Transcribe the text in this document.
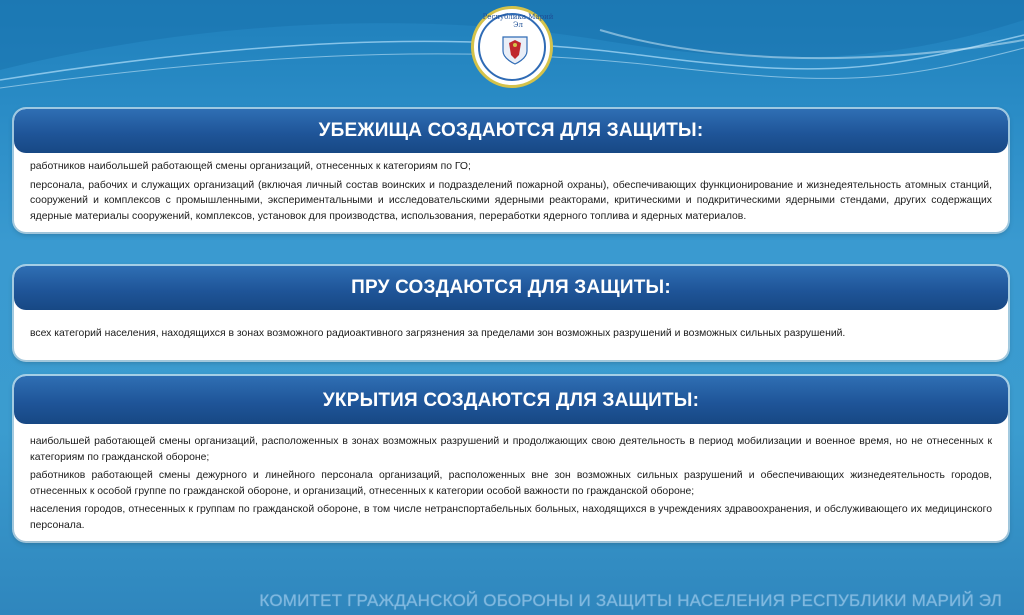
Республика Марий Эл
УБЕЖИЩА СОЗДАЮТСЯ ДЛЯ ЗАЩИТЫ:

работников наибольшей работающей смены организаций, отнесенных к категориям по ГО;

персонала, рабочих и служащих организаций (включая личный состав воинских и подразделений пожарной охраны), обеспечивающих функционирование и жизнедеятельность атомных станций, сооружений и комплексов с промышленными, экспериментальными и исследовательскими ядерными реакторами, критическими и подкритическими ядерными стендами, других содержащих ядерные материалы сооружений, комплексов, установок для производства, использования, переработки ядерного топлива и ядерных материалов.

ПРУ СОЗДАЮТСЯ ДЛЯ ЗАЩИТЫ:

всех категорий населения, находящихся в зонах возможного радиоактивного загрязнения за пределами зон возможных разрушений и возможных сильных разрушений.

УКРЫТИЯ СОЗДАЮТСЯ ДЛЯ ЗАЩИТЫ:

наибольшей работающей смены организаций, расположенных в зонах возможных разрушений и продолжающих свою деятельность в период мобилизации и военное время, но не отнесенных к категориям по гражданской обороне;

работников работающей смены дежурного и линейного персонала организаций, расположенных вне зон возможных сильных разрушений и обеспечивающих жизнедеятельность городов, отнесенных к особой группе по гражданской обороне, и организаций, отнесенных к категории особой важности по гражданской обороне;

населения городов, отнесенных к группам по гражданской обороне, в том числе нетранспортабельных больных, находящихся в учреждениях здравоохранения, и обслуживающего их медицинского персонала.

КОМИТЕТ ГРАЖДАНСКОЙ ОБОРОНЫ И ЗАЩИТЫ НАСЕЛЕНИЯ РЕСПУБЛИКИ МАРИЙ ЭЛ
